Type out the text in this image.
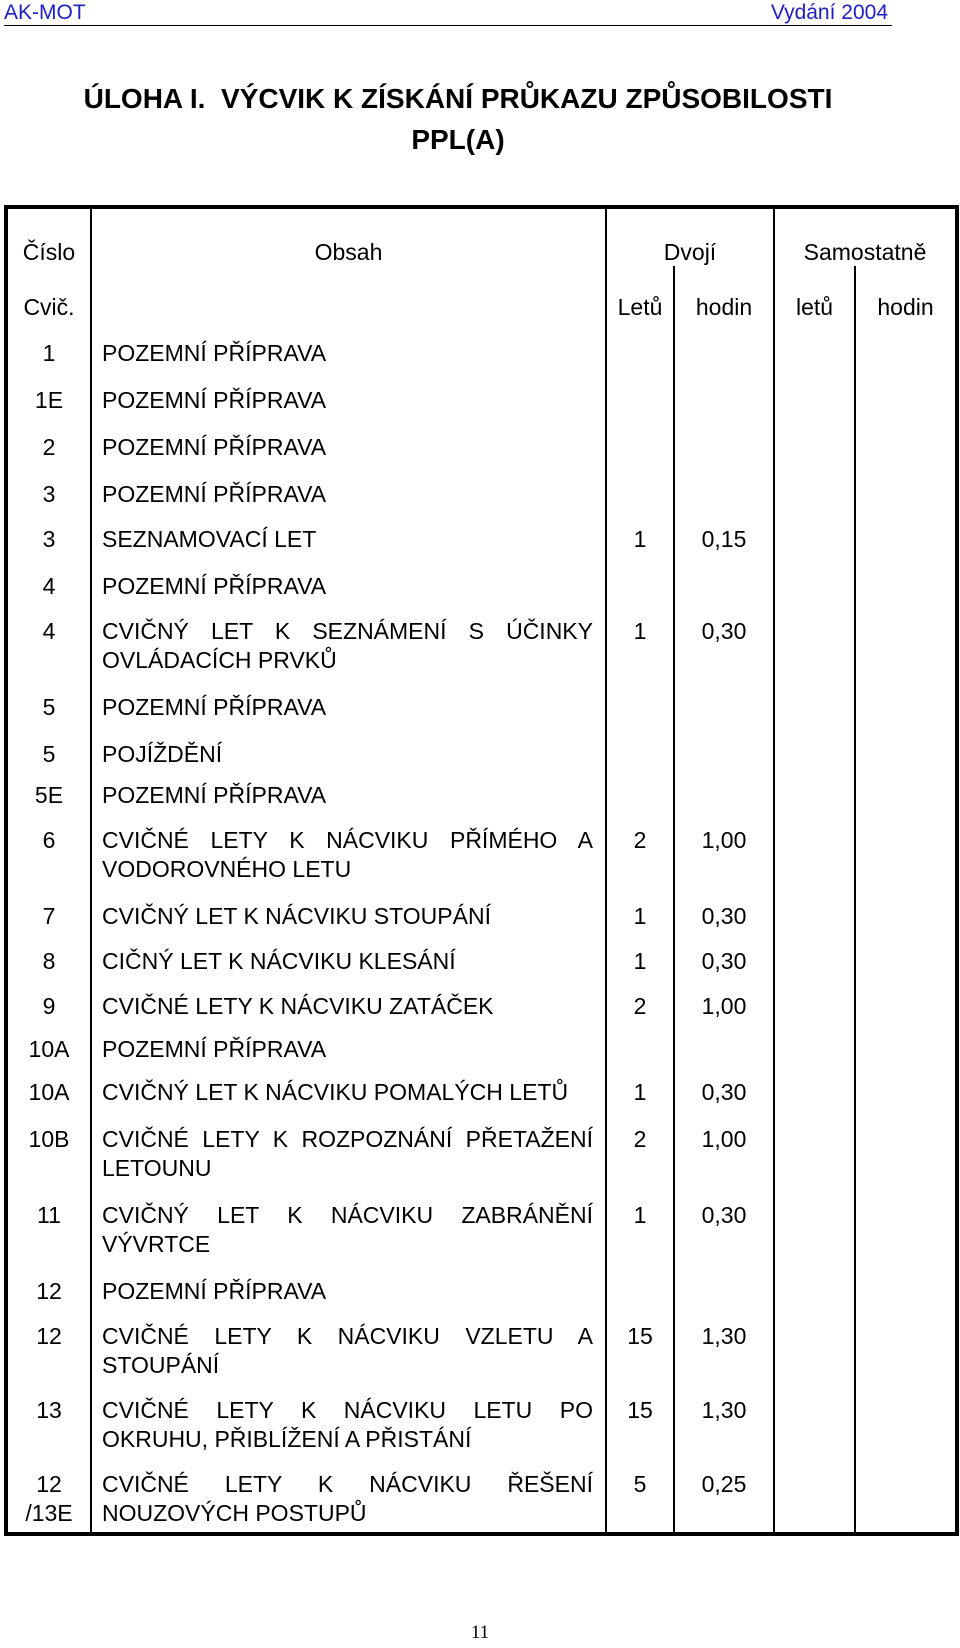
AK-MOT	Vydání 2004
ÚLOHA I.  VÝCVIK K ZÍSKÁNÍ PRŮKAZU ZPŮSOBILOSTI
PPL(A)
Číslo	Obsah	Dvojí		Samostatně	
Cvič.		Letů	hodin	letů	hodin

1	POZEMNÍ PŘÍPRAVA				

1E	POZEMNÍ PŘÍPRAVA				

2	POZEMNÍ PŘÍPRAVA				

3	POZEMNÍ PŘÍPRAVA				

3	SEZNAMOVACÍ LET	1	0,15		

4	POZEMNÍ PŘÍPRAVA				

4	CVIČNÝ LET K SEZNÁMENÍ S ÚČINKY OVLÁDACÍCH PRVKŮ	1	0,30		

5	POZEMNÍ PŘÍPRAVA				

5	POJÍŽDĚNÍ				

5E	POZEMNÍ PŘÍPRAVA				

6	CVIČNÉ LETY K NÁCVIKU PŘÍMÉHO A VODOROVNÉHO LETU	2	1,00		

7	CVIČNÝ LET K NÁCVIKU STOUPÁNÍ	1	0,30		

8	CIČNÝ LET K NÁCVIKU KLESÁNÍ	1	0,30		

9	CVIČNÉ LETY K NÁCVIKU ZATÁČEK	2	1,00		

10A	POZEMNÍ PŘÍPRAVA				

10A	CVIČNÝ LET K NÁCVIKU POMALÝCH LETŮ	1	0,30		

10B	CVIČNÉ LETY K ROZPOZNÁNÍ PŘETAŽENÍ LETOUNU	2	1,00		

11	CVIČNÝ LET K NÁCVIKU ZABRÁNĚNÍ VÝVRTCE	1	0,30		

12	POZEMNÍ PŘÍPRAVA				

12	CVIČNÉ LETY K NÁCVIKU VZLETU A STOUPÁNÍ	15	1,30		

13	CVIČNÉ LETY K NÁCVIKU LETU PO OKRUHU, PŘIBLÍŽENÍ A PŘISTÁNÍ	15	1,30		

12
/13E	CVIČNÉ LETY K NÁCVIKU ŘEŠENÍ NOUZOVÝCH POSTUPŮ	5	0,25		

11
